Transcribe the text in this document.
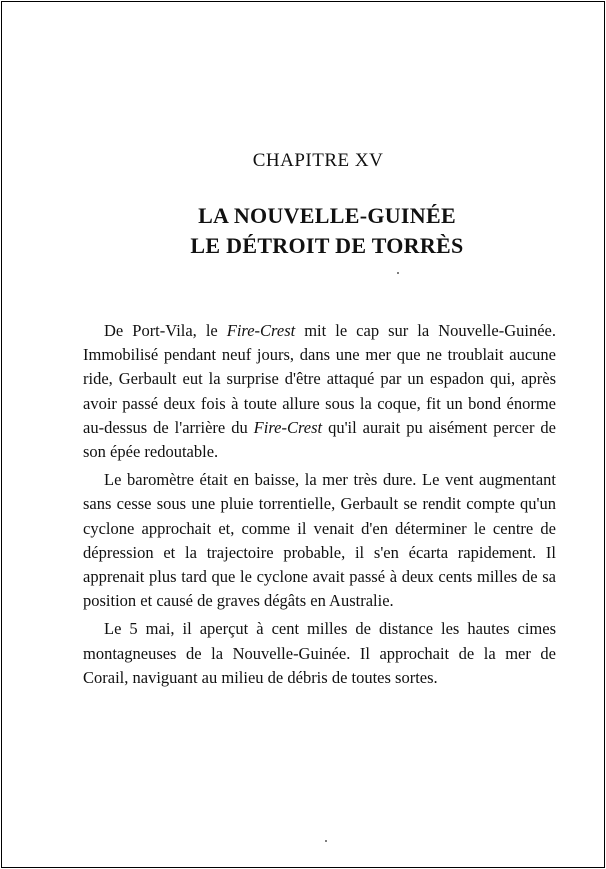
CHAPITRE XV
LA NOUVELLE-GUINÉE
LE DÉTROIT DE TORRÈS

De Port-Vila, le Fire-Crest mit le cap sur la Nouvelle-Guinée. Immobilisé pendant neuf jours, dans une mer que ne troublait aucune ride, Gerbault eut la surprise d'être attaqué par un espadon qui, après avoir passé deux fois à toute allure sous la coque, fit un bond énorme au-dessus de l'arrière du Fire-Crest qu'il aurait pu aisément percer de son épée redoutable.

Le baromètre était en baisse, la mer très dure. Le vent augmentant sans cesse sous une pluie torrentielle, Gerbault se rendit compte qu'un cyclone approchait et, comme il venait d'en déterminer le centre de dépression et la trajectoire probable, il s'en écarta rapidement. Il apprenait plus tard que le cyclone avait passé à deux cents milles de sa position et causé de graves dégâts en Australie.

Le 5 mai, il aperçut à cent milles de distance les hautes cimes montagneuses de la Nouvelle-Guinée. Il approchait de la mer de Corail, naviguant au milieu de débris de toutes sortes.
